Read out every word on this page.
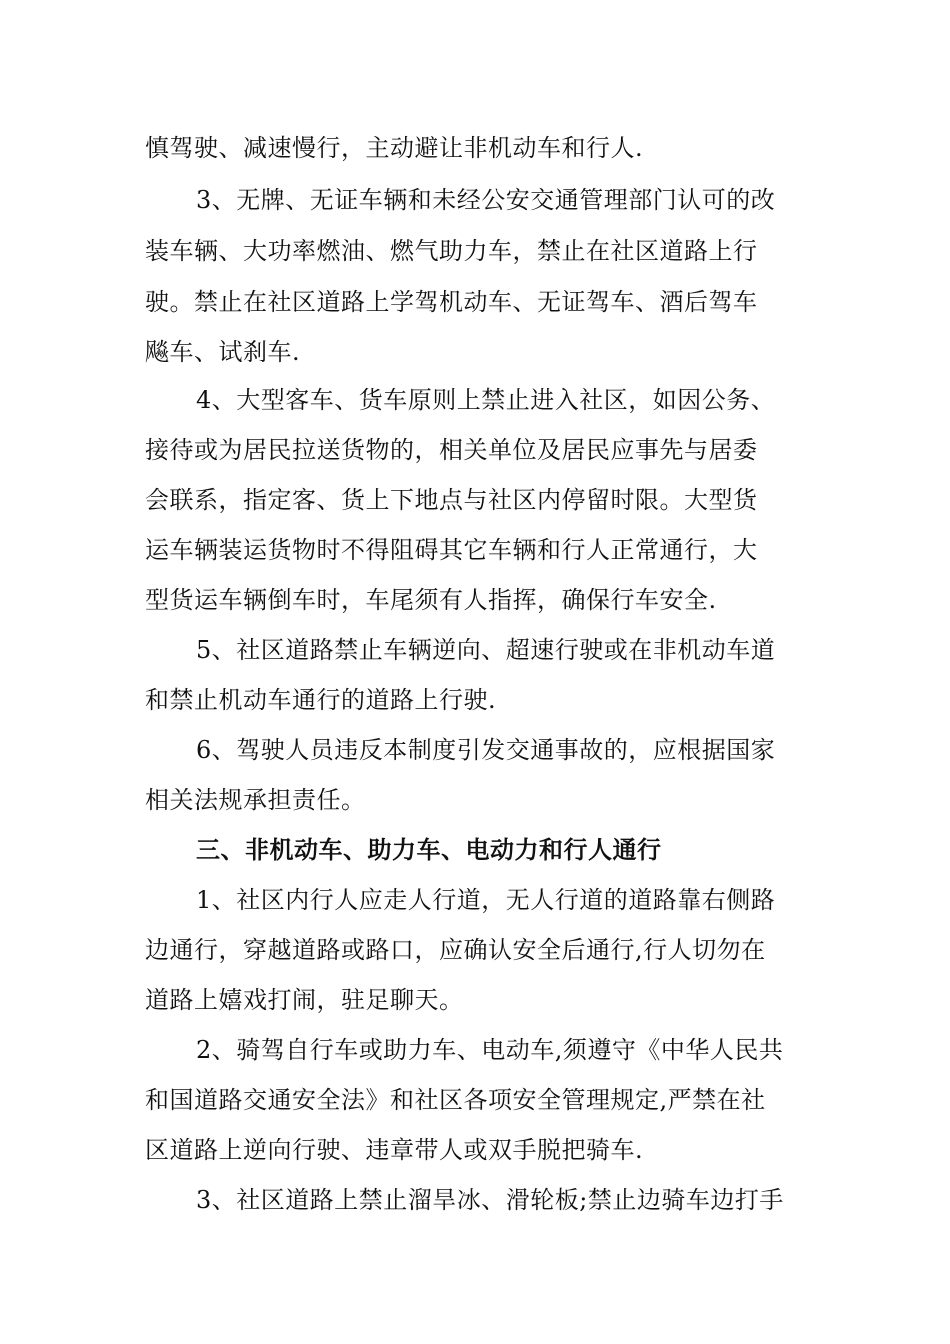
慎驾驶、减速慢行，主动避让非机动车和行人.
3、无牌、无证车辆和未经公安交通管理部门认可的改
装车辆、大功率燃油、燃气助力车，禁止在社区道路上行
驶。禁止在社区道路上学驾机动车、无证驾车、酒后驾车
飚车、试刹车.
4、大型客车、货车原则上禁止进入社区，如因公务、
接待或为居民拉送货物的，相关单位及居民应事先与居委
会联系，指定客、货上下地点与社区内停留时限。大型货
运车辆装运货物时不得阻碍其它车辆和行人正常通行，大
型货运车辆倒车时，车尾须有人指挥，确保行车安全.
5、社区道路禁止车辆逆向、超速行驶或在非机动车道
和禁止机动车通行的道路上行驶.
6、驾驶人员违反本制度引发交通事故的，应根据国家
相关法规承担责任。
三、非机动车、助力车、电动力和行人通行
1、社区内行人应走人行道，无人行道的道路靠右侧路
边通行，穿越道路或路口，应确认安全后通行,行人切勿在
道路上嬉戏打闹，驻足聊天。
2、骑驾自行车或助力车、电动车,须遵守《中华人民共
和国道路交通安全法》和社区各项安全管理规定,严禁在社
区道路上逆向行驶、违章带人或双手脱把骑车.
3、社区道路上禁止溜旱冰、滑轮板;禁止边骑车边打手
